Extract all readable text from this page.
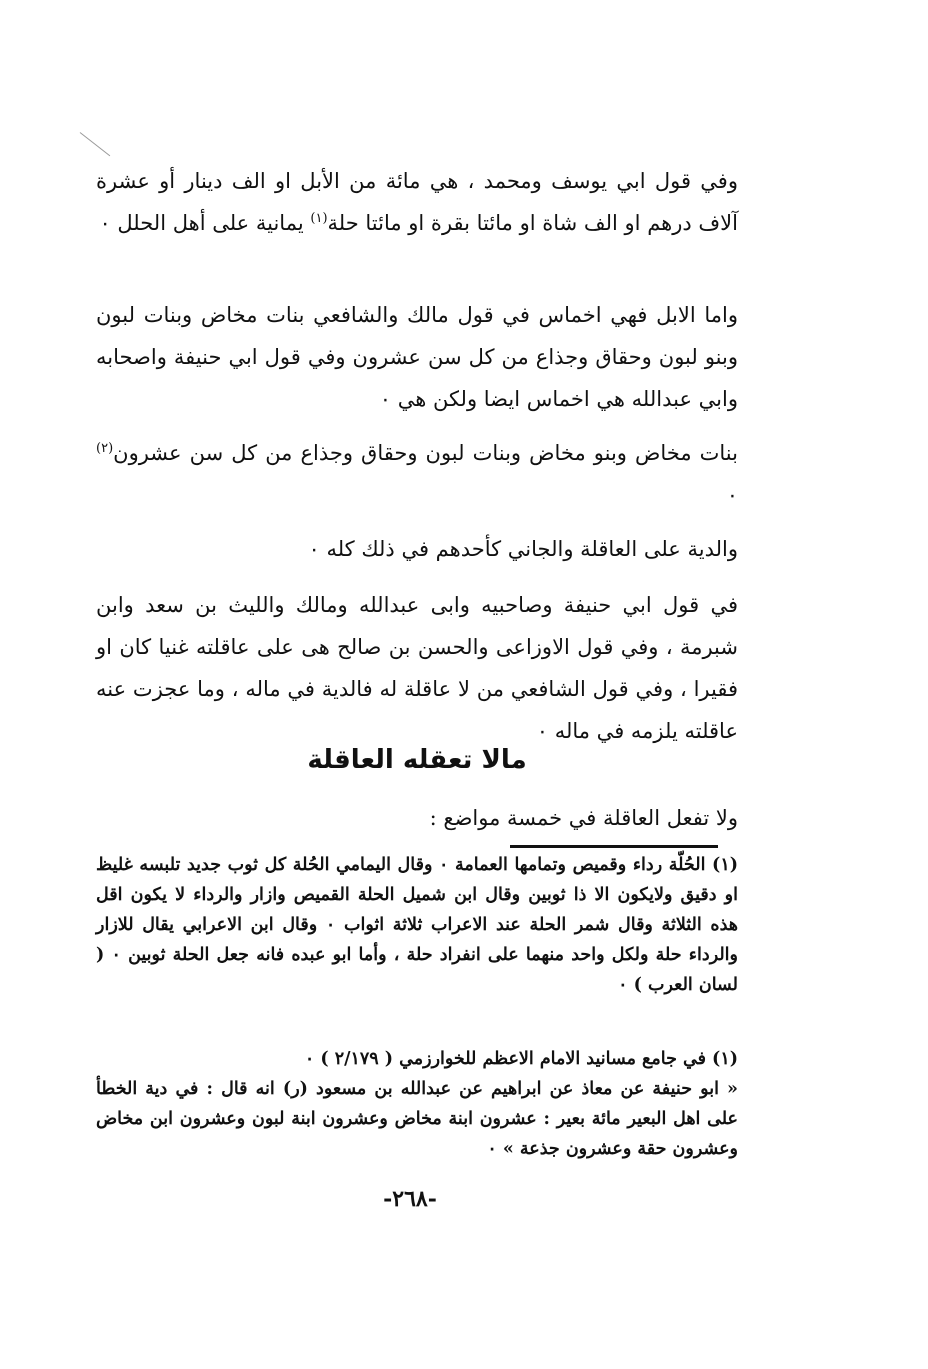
وفي قول ابي يوسف ومحمد ، هي مائة من الأبل او الف دينار أو عشرة آلاف درهم او الف شاة او مائتا بقرة او مائتا حلة$^{(١)}$ يمانية على أهل الحلل ٠

واما الابل فهي اخماس في قول مالك والشافعي بنات مخاض وبنات لبون وبنو لبون وحقاق وجذاع من كل سن عشرون وفي قول ابي حنيفة واصحابه وابي عبدالله هي اخماس ايضا ولكن هي ٠

بنات مخاض وبنو مخاض وبنات لبون وحقاق وجذاع من كل سن عشرون$^{(٢)}$ ٠

والدية على العاقلة والجاني كأحدهم في ذلك كله ٠

في قول ابي حنيفة وصاحبيه وابى عبدالله ومالك والليث بن سعد وابن شبرمة ، وفي قول الاوزاعى والحسن بن صالح هى على عاقلته غنيا كان او فقيرا ، وفي قول الشافعي من لا عاقلة له فالدية في ماله ، وما عجزت عنه عاقلته يلزمه في ماله ٠

مالا تعقله العاقلة

ولا تفعل العاقلة في خمسة مواضع :

(١) الحُلّة رداء وقميص وتمامها العمامة ٠ وقال اليمامي الحُلة كل ثوب جديد تلبسه غليظ او دقيق ولايكون الا ذا ثوبين وقال ابن شميل الحلة القميص وازار والرداء لا يكون اقل هذه الثلاثة وقال شمر الحلة عند الاعراب ثلاثة اثواب ٠ وقال ابن الاعرابي يقال للازار والرداء حلة ولكل واحد منهما على انفراد حلة ، وأما ابو عبده فانه جعل الحلة ثوبين ٠ ( لسان العرب ) ٠

(١) في جامع مسانيد الامام الاعظم للخوارزمي ( ٢/١٧٩ ) ٠

« ابو حنيفة عن معاذ عن ابراهيم عن عبدالله بن مسعود (ر) انه قال : في دية الخطأ على اهل البعير مائة بعير : عشرون ابنة مخاض وعشرون ابنة لبون وعشرون ابن مخاض وعشرون حقة وعشرون جذعة » ٠

-٢٦٨-
